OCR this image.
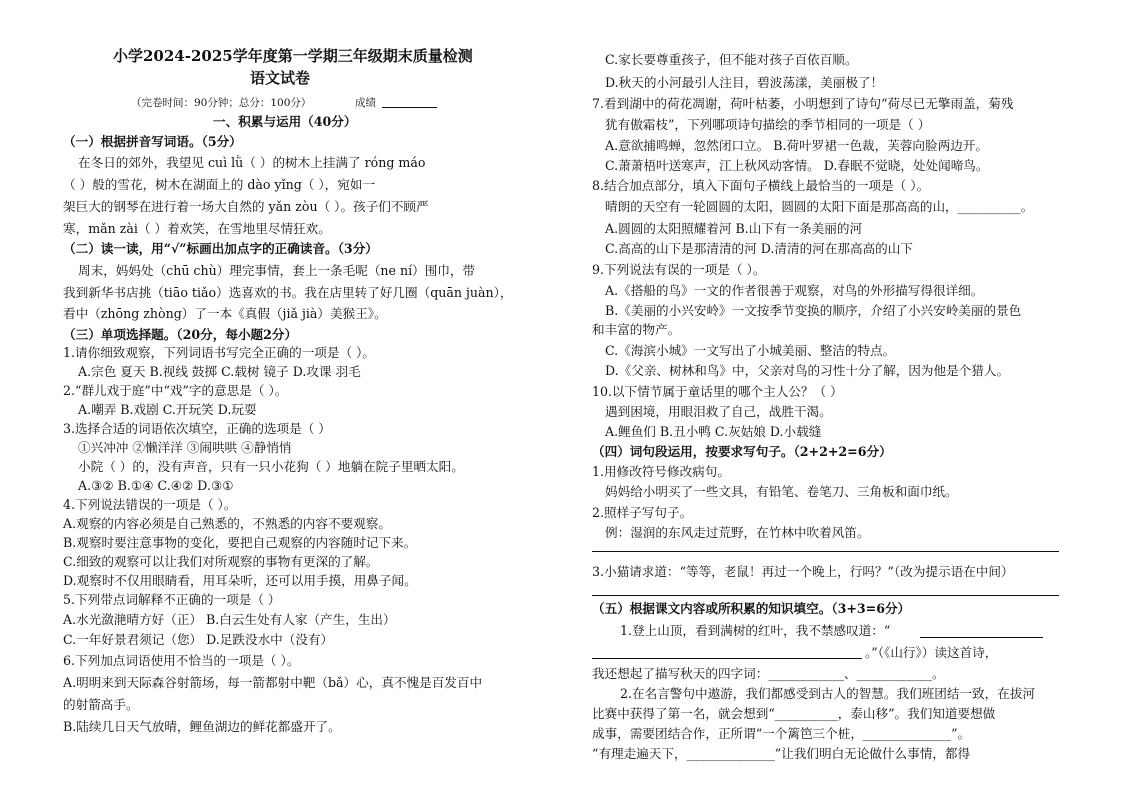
小学2024-2025学年度第一学期三年级期末质量检测
语文试卷
（完卷时间：90分钟；总分：100分）	成绩
一、积累与运用（40分）
（一）根据拼音写词语。（5分）
在冬日的郊外，我望见 cuì lǜ（ ）的树木上挂满了 róng máo
（ ）般的雪花，树木在湖面上的 dào yǐng（ ），宛如一
架巨大的钢琴在进行着一场大自然的 yǎn zòu（ ）。孩子们不顾严
寒，mǎn zài（ ）着欢笑，在雪地里尽情狂欢。
（二）读一读，用“√”标画出加点字的正确读音。（3分）
周末，妈妈处（chū chù）理完事情，套上一条毛呢（ne ní）围巾，带
我到新华书店挑（tiāo tiǎo）选喜欢的书。我在店里转了好几圈（quān juàn），
看中（zhōng zhòng）了一本《真假（jiǎ jià）美猴王》。
（三）单项选择题。（20分，每小题2分）
1.请你细致观察，下列词语书写完全正确的一项是（ ）。
A.宗色 夏天 B.视线 鼓掷 C.载树 镜子 D.攻课 羽毛
2.“群儿戏于庭”中“戏”字的意思是（ ）。
A.嘲弄 B.戏剧 C.开玩笑 D.玩耍
3.选择合适的词语依次填空，正确的选项是（ ）
①兴冲冲 ②懒洋洋 ③闹哄哄 ④静悄悄
小院（ ）的，没有声音，只有一只小花狗（ ）地躺在院子里晒太阳。
A.③② B.①④ C.④② D.③①
4.下列说法错误的一项是（ ）。
A.观察的内容必须是自己熟悉的，不熟悉的内容不要观察。
B.观察时要注意事物的变化，要把自己观察的内容随时记下来。
C.细致的观察可以让我们对所观察的事物有更深的了解。
D.观察时不仅用眼睛看，用耳朵听，还可以用手摸，用鼻子闻。
5.下列带点词解释不正确的一项是（ ）
A.水光潋滟晴方好（正） B.白云生处有人家（产生，生出）
C.一年好景君须记（您） D.足跌没水中（没有）
6.下列加点词语使用不恰当的一项是（ ）。
A.明明来到天际森谷射箭场，每一箭都射中靶（bǎ）心，真不愧是百发百中
的射箭高手。
B.陆续几日天气放晴，鲤鱼湖边的鲜花都盛开了。
C.家长要尊重孩子，但不能对孩子百依百顺。
D.秋天的小河最引人注目，碧波荡漾，美丽极了！
7.看到湖中的荷花凋谢，荷叶枯萎，小明想到了诗句“荷尽已无擎雨盖，菊残
犹有傲霜枝”，下列哪项诗句描绘的季节相同的一项是（ ）
A.意欲捕鸣蝉，忽然闭口立。 B.荷叶罗裙一色裁，芙蓉向脸两边开。
C.萧萧梧叶送寒声，江上秋风动客情。 D.春眠不觉晓，处处闻啼鸟。
8.结合加点部分，填入下面句子横线上最恰当的一项是（ ）。
晴朗的天空有一轮圆圆的太阳，圆圆的太阳下面是那高高的山，__________。
A.圆圆的太阳照耀着河 B.山下有一条美丽的河
C.高高的山下是那清清的河 D.清清的河在那高高的山下
9.下列说法有误的一项是（ ）。
A.《搭船的鸟》一文的作者很善于观察，对鸟的外形描写得很详细。
B.《美丽的小兴安岭》一文按季节变换的顺序，介绍了小兴安岭美丽的景色
和丰富的物产。
C.《海滨小城》一文写出了小城美丽、整洁的特点。
D.《父亲、树林和鸟》中，父亲对鸟的习性十分了解，因为他是个猎人。
10.以下情节属于童话里的哪个主人公？（ ）
遇到困境，用眼泪救了自己，战胜干渴。
A.鲤鱼们 B.丑小鸭 C.灰姑娘 D.小载缝
（四）词句段运用，按要求写句子。（2+2+2=6分）
1.用修改符号修改病句。
妈妈给小明买了一些文具，有铅笔、卷笔刀、三角板和面巾纸。
2.照样子写句子。
例：湿润的东风走过荒野，在竹林中吹着风笛。
3.小猫请求道：“等等，老鼠！再过一个晚上，行吗？”（改为提示语在中间）
（五）根据课文内容或所积累的知识填空。（3+3=6分）
1.登上山顶，看到满树的红叶，我不禁感叹道：“
。”（《山行》）读这首诗，
我还想起了描写秋天的四字词：____________、____________。
2.在名言警句中遨游，我们都感受到古人的智慧。我们班团结一致，在拔河
比赛中获得了第一名，就会想到“__________，泰山移”。我们知道要想做
成事，需要团结合作，正所谓“一个篱笆三个桩，______________”。
“有理走遍天下，______________”让我们明白无论做什么事情，都得
